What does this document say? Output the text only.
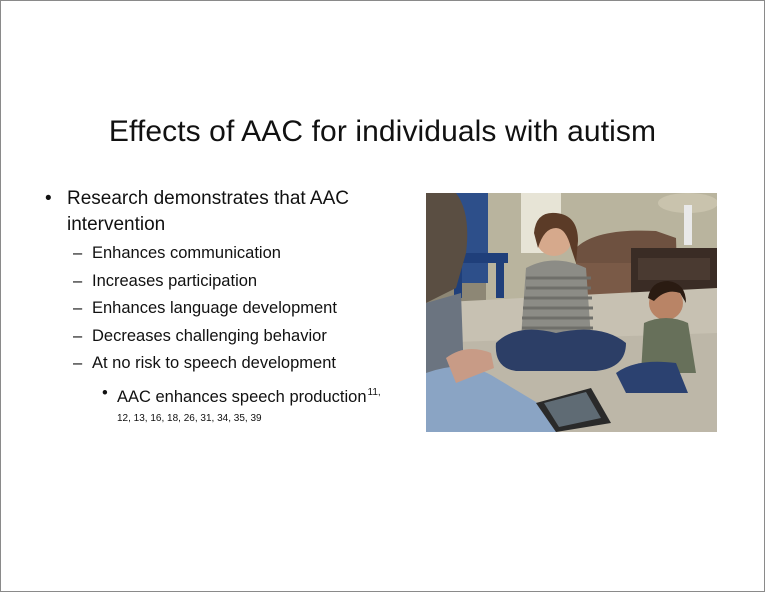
Effects of AAC for individuals with autism
• Research demonstrates that AAC intervention
– Enhances communication
– Increases participation
– Enhances language development
– Decreases challenging behavior
– At no risk to speech development
• AAC enhances speech production$^{11, 12, 13, 16, 18, 26, 31, 34, 35, 39}$
